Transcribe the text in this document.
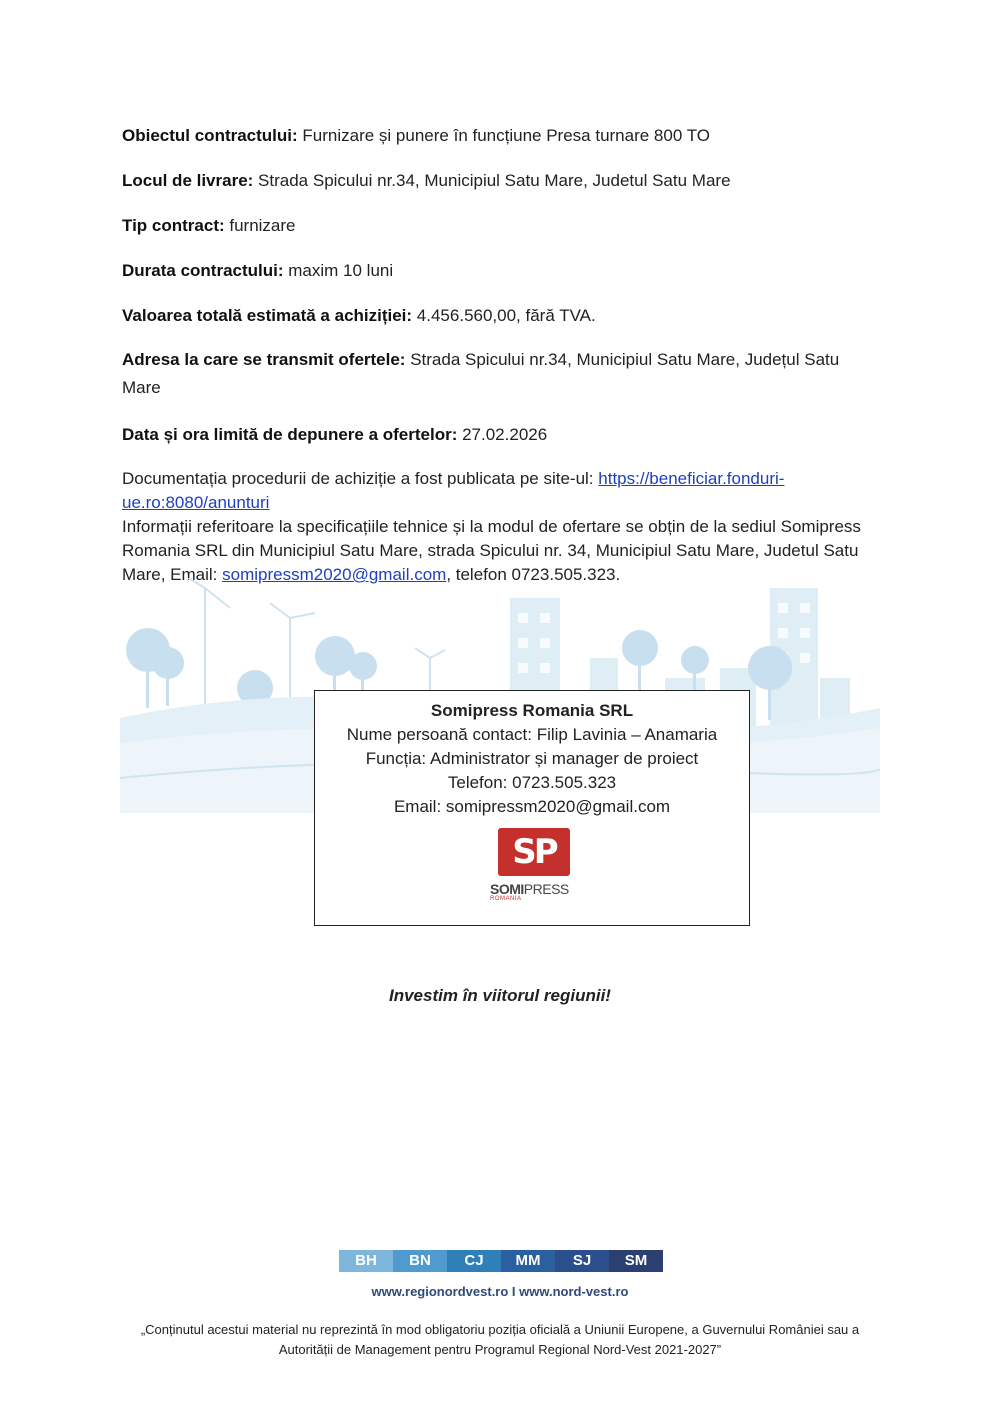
Obiectul contractului: Furnizare și punere în funcțiune Presa turnare 800 TO

Locul de livrare: Strada Spicului nr.34, Municipiul Satu Mare, Judetul Satu Mare

Tip contract: furnizare

Durata contractului: maxim 10 luni

Valoarea totală estimată a achiziției: 4.456.560,00, fără TVA.

Adresa la care se transmit ofertele: Strada Spicului nr.34, Municipiul Satu Mare, Județul Satu Mare

Data și ora limită de depunere a ofertelor: 27.02.2026

Documentația procedurii de achiziție a fost publicata pe site-ul: https://beneficiar.fonduri-ue.ro:8080/anunturi

Informații referitoare la specificațiile tehnice și la modul de ofertare se obțin de la sediul Somipress Romania SRL din Municipiul Satu Mare, strada Spicului nr. 34, Municipiul Satu Mare, Judetul Satu Mare, Email: somipressm2020@gmail.com, telefon 0723.505.323.

Somipress Romania SRL
Nume persoană contact: Filip Lavinia – Anamaria
Funcția: Administrator și manager de proiect
Telefon: 0723.505.323
Email: somipressm2020@gmail.com
SP
SOMIPRESS
ROMANIA
Investim în viitorul regiunii!
BH	BN	CJ	MM	SJ	SM
www.regionordvest.ro I www.nord-vest.ro
„Conținutul acestui material nu reprezintă în mod obligatoriu poziția oficială a Uniunii Europene, a Guvernului României sau a Autorității de Management pentru Programul Regional Nord-Vest 2021-2027”
